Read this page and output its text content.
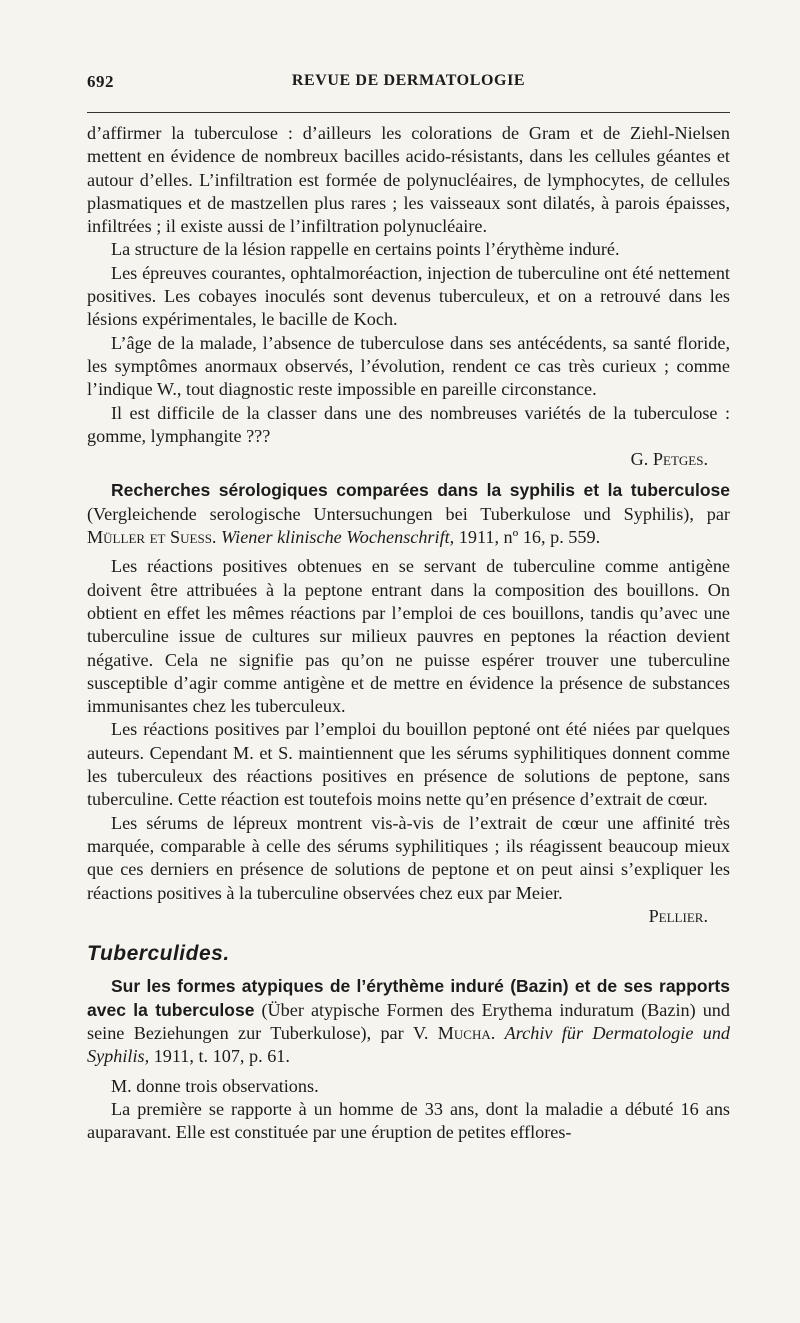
692	REVUE DE DERMATOLOGIE

d’affirmer la tuberculose : d’ailleurs les colorations de Gram et de Ziehl-Nielsen mettent en évidence de nombreux bacilles acido-résistants, dans les cellules géantes et autour d’elles. L’infiltration est formée de polynucléaires, de lymphocytes, de cellules plasmatiques et de mastzellen plus rares ; les vaisseaux sont dilatés, à parois épaisses, infiltrées ; il existe aussi de l’infiltration polynucléaire.

La structure de la lésion rappelle en certains points l’érythème induré.

Les épreuves courantes, ophtalmoréaction, injection de tuberculine ont été nettement positives. Les cobayes inoculés sont devenus tuberculeux, et on a retrouvé dans les lésions expérimentales, le bacille de Koch.

L’âge de la malade, l’absence de tuberculose dans ses antécédents, sa santé floride, les symptômes anormaux observés, l’évolution, rendent ce cas très curieux ; comme l’indique W., tout diagnostic reste impossible en pareille circonstance.

Il est difficile de la classer dans une des nombreuses variétés de la tuberculose : gomme, lymphangite ???

G. Petges.

Recherches sérologiques comparées dans la syphilis et la tuberculose (Vergleichende serologische Untersuchungen bei Tuberkulose und Syphilis), par Müller et Suess. Wiener klinische Wochenschrift, 1911, nº 16, p. 559.

Les réactions positives obtenues en se servant de tuberculine comme antigène doivent être attribuées à la peptone entrant dans la composition des bouillons. On obtient en effet les mêmes réactions par l’emploi de ces bouillons, tandis qu’avec une tuberculine issue de cultures sur milieux pauvres en peptones la réaction devient négative. Cela ne signifie pas qu’on ne puisse espérer trouver une tuberculine susceptible d’agir comme antigène et de mettre en évidence la présence de substances immunisantes chez les tuberculeux.

Les réactions positives par l’emploi du bouillon peptoné ont été niées par quelques auteurs. Cependant M. et S. maintiennent que les sérums syphilitiques donnent comme les tuberculeux des réactions positives en présence de solutions de peptone, sans tuberculine. Cette réaction est toutefois moins nette qu’en présence d’extrait de cœur.

Les sérums de lépreux montrent vis-à-vis de l’extrait de cœur une affinité très marquée, comparable à celle des sérums syphilitiques ; ils réagissent beaucoup mieux que ces derniers en présence de solutions de peptone et on peut ainsi s’expliquer les réactions positives à la tuberculine observées chez eux par Meier.

Pellier.

Tuberculides.

Sur les formes atypiques de l’érythème induré (Bazin) et de ses rapports avec la tuberculose (Über atypische Formen des Erythema induratum (Bazin) und seine Beziehungen zur Tuberkulose), par V. Mucha. Archiv für Dermatologie und Syphilis, 1911, t. 107, p. 61.

M. donne trois observations.

La première se rapporte à un homme de 33 ans, dont la maladie a débuté 16 ans auparavant. Elle est constituée par une éruption de petites efflores-
